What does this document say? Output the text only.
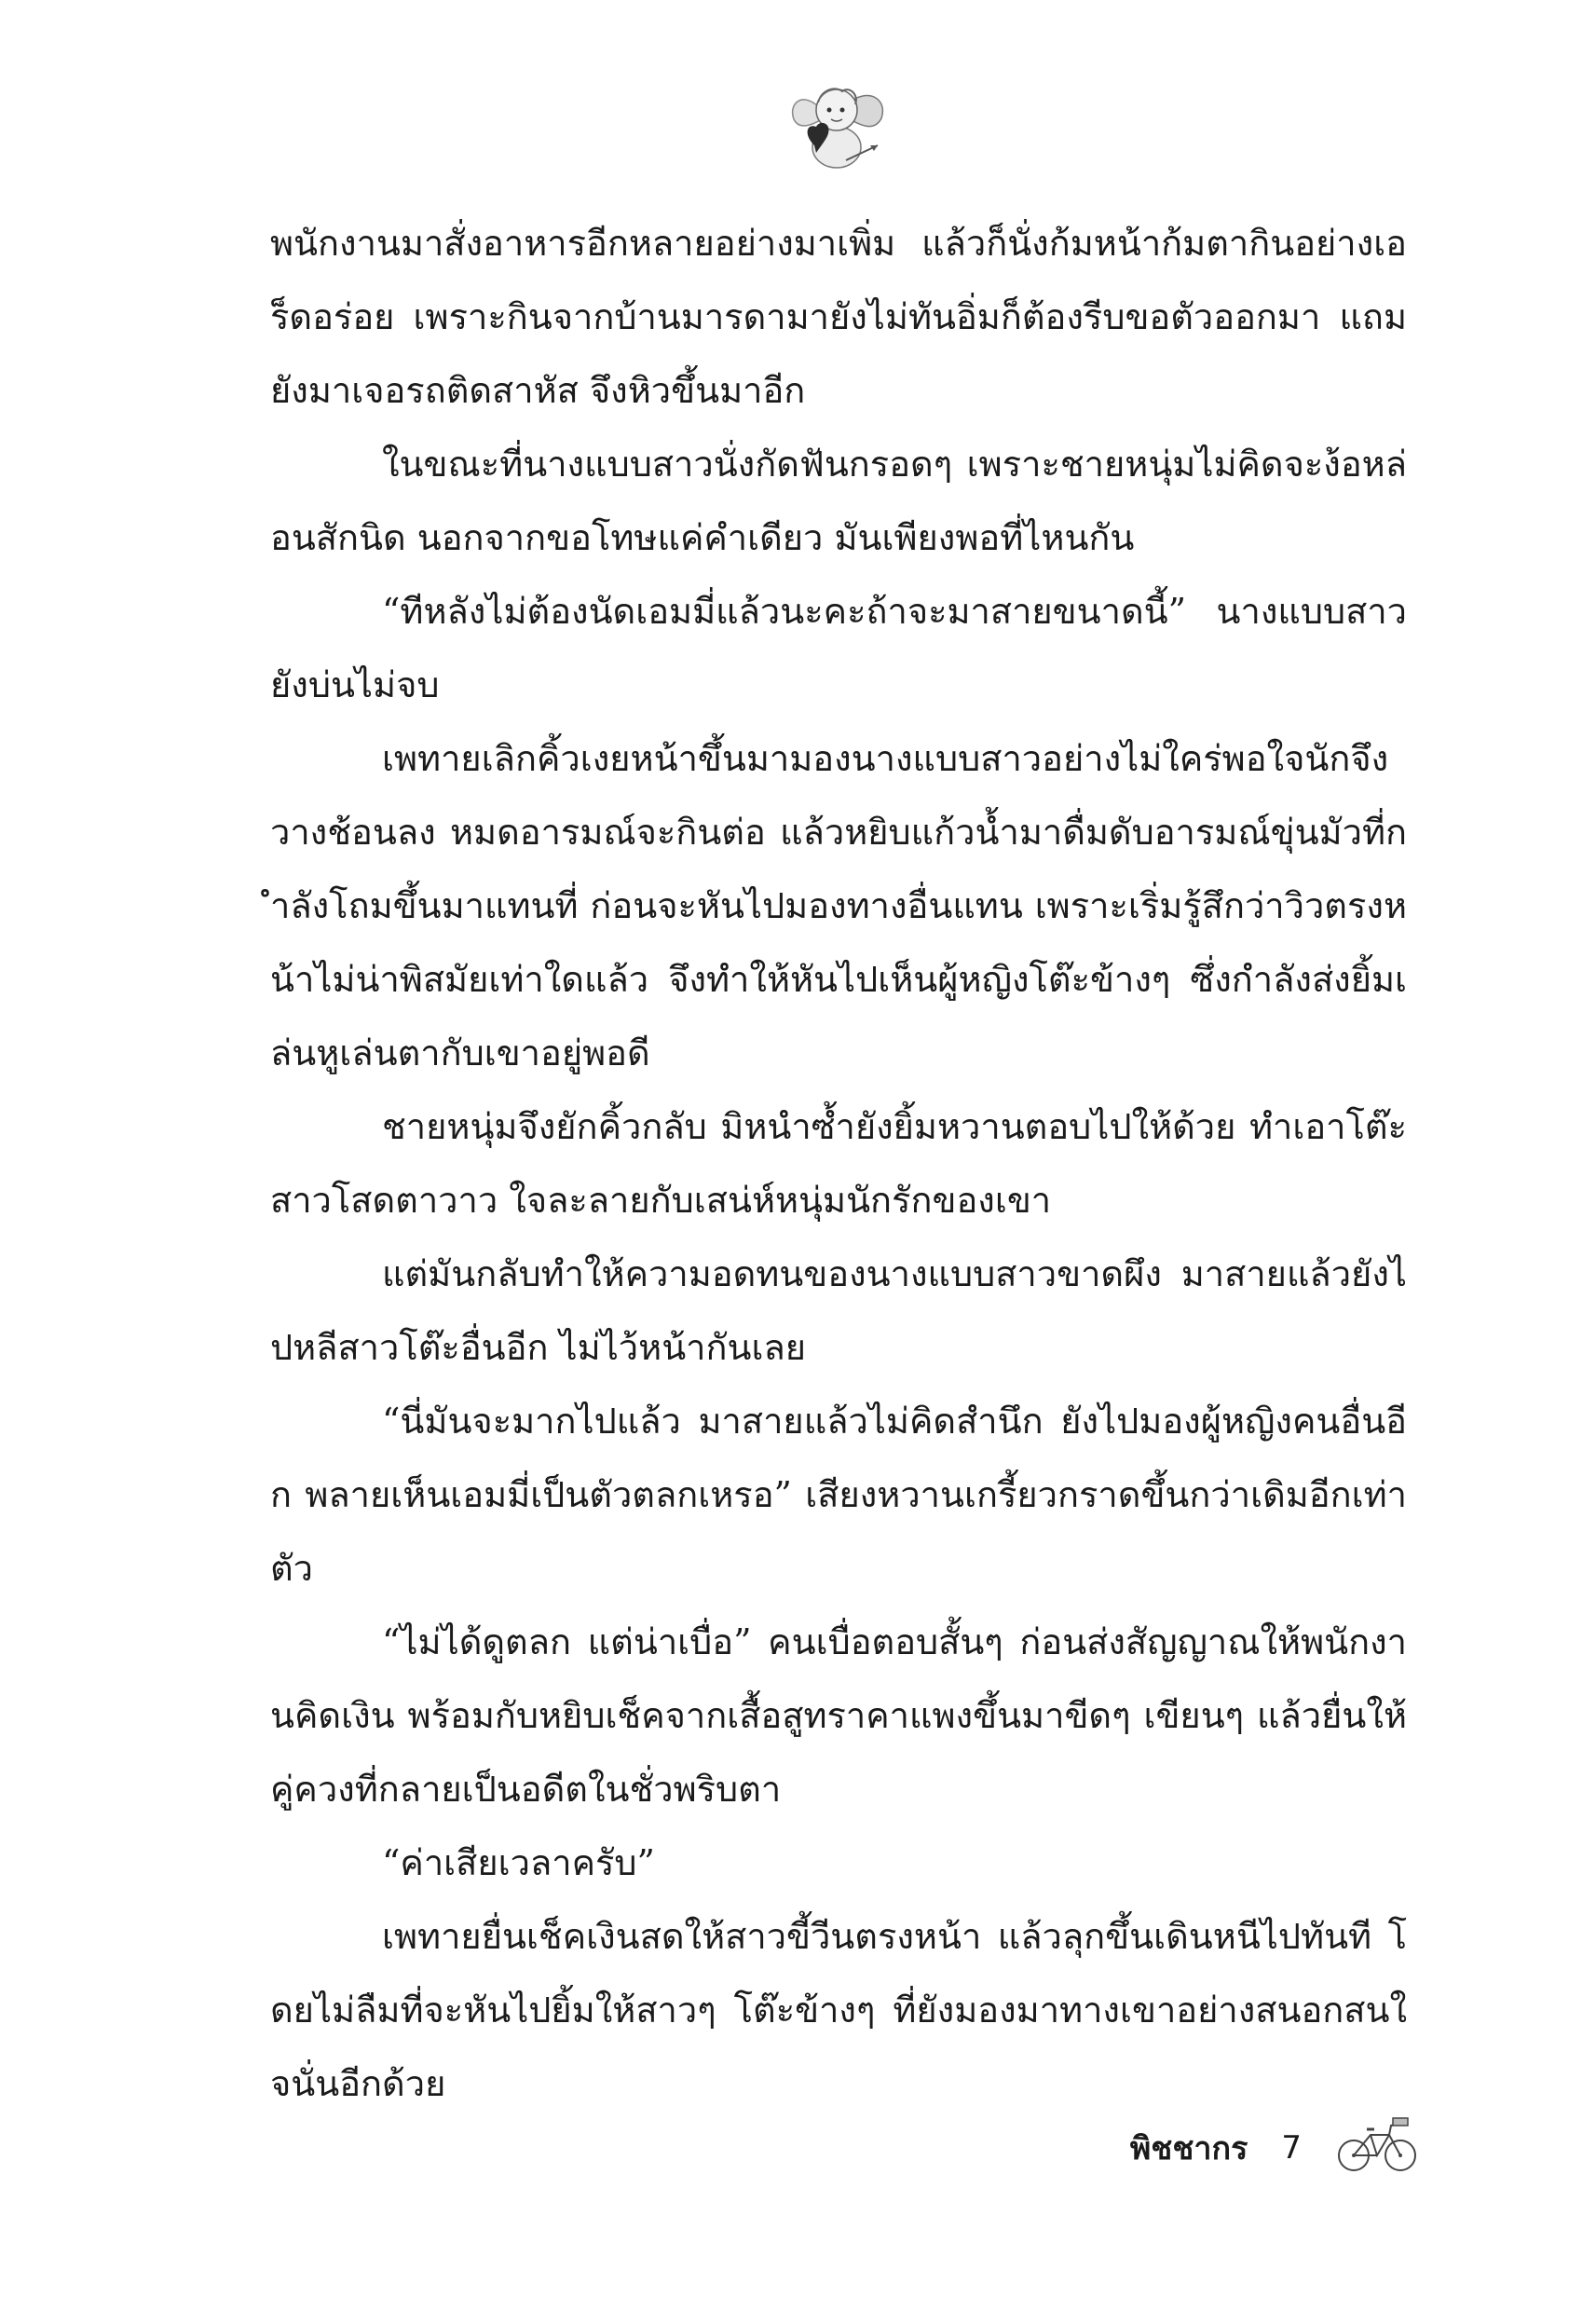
พนักงานมาสั่งอาหารอีกหลายอย่างมาเพิ่ม แล้วก็นั่งก้มหน้าก้มตากินอย่างเอร็ดอร่อย เพราะกินจากบ้านมารดามายังไม่ทันอิ่มก็ต้องรีบขอตัวออกมา แถมยังมาเจอรถติดสาหัส จึงหิวขึ้นมาอีก

ในขณะที่นางแบบสาวนั่งกัดฟันกรอดๆ เพราะชายหนุ่มไม่คิดจะง้อหล่อนสักนิด นอกจากขอโทษแค่คำเดียว มันเพียงพอที่ไหนกัน

“ทีหลังไม่ต้องนัดเอมมี่แล้วนะคะถ้าจะมาสายขนาดนี้” นางแบบสาวยังบ่นไม่จบ

เพทายเลิกคิ้วเงยหน้าขึ้นมามองนางแบบสาวอย่างไม่ใคร่พอใจนักจึงวางช้อนลง หมดอารมณ์จะกินต่อ แล้วหยิบแก้วน้ำมาดื่มดับอารมณ์ขุ่นมัวที่กำลังโถมขึ้นมาแทนที่ ก่อนจะหันไปมองทางอื่นแทน เพราะเริ่มรู้สึกว่าวิวตรงหน้าไม่น่าพิสมัยเท่าใดแล้ว จึงทำให้หันไปเห็นผู้หญิงโต๊ะข้างๆ ซึ่งกำลังส่งยิ้มเล่นหูเล่นตากับเขาอยู่พอดี

ชายหนุ่มจึงยักคิ้วกลับ มิหนำซ้ำยังยิ้มหวานตอบไปให้ด้วย ทำเอาโต๊ะสาวโสดตาวาว ใจละลายกับเสน่ห์หนุ่มนักรักของเขา

แต่มันกลับทำให้ความอดทนของนางแบบสาวขาดผึง มาสายแล้วยังไปหลีสาวโต๊ะอื่นอีก ไม่ไว้หน้ากันเลย

“นี่มันจะมากไปแล้ว มาสายแล้วไม่คิดสำนึก ยังไปมองผู้หญิงคนอื่นอีก พลายเห็นเอมมี่เป็นตัวตลกเหรอ” เสียงหวานเกรี้ยวกราดขึ้นกว่าเดิมอีกเท่าตัว

“ไม่ได้ดูตลก แต่น่าเบื่อ” คนเบื่อตอบสั้นๆ ก่อนส่งสัญญาณให้พนักงานคิดเงิน พร้อมกับหยิบเช็คจากเสื้อสูทราคาแพงขึ้นมาขีดๆ เขียนๆ แล้วยื่นให้คู่ควงที่กลายเป็นอดีตในชั่วพริบตา

“ค่าเสียเวลาครับ”

เพทายยื่นเช็คเงินสดให้สาวขี้วีนตรงหน้า แล้วลุกขึ้นเดินหนีไปทันที โดยไม่ลืมที่จะหันไปยิ้มให้สาวๆ โต๊ะข้างๆ ที่ยังมองมาทางเขาอย่างสนอกสนใจนั่นอีกด้วย

พิชชากร 7
